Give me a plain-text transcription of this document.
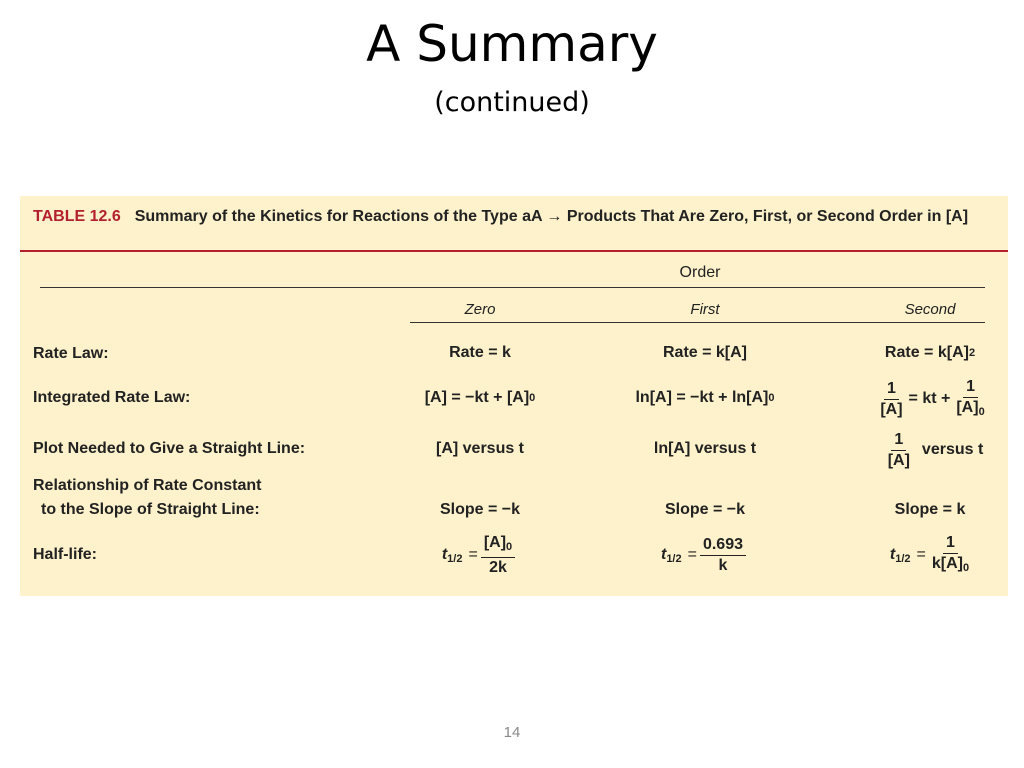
A Summary
(continued)
TABLE 12.6 Summary of the Kinetics for Reactions of the Type aA → Products That Are Zero, First, or Second Order in [A]
Order
Zero	First	Second
Rate Law:	Rate = k	Rate = k[A]	Rate = k[A] 2
Integrated Rate Law:	[A] = −kt + [A] 0	ln[A] = −kt + ln[A] 0	$\frac{1}{[A]}$ = kt + $\frac{1}{[A]_0}$
Plot Needed to Give a Straight Line:	[A] versus t	ln[A] versus t	$\frac{1}{[A]}$ versus t
Relationship of Rate Constant
to the Slope of Straight Line:	Slope = −k	Slope = −k	Slope = k
Half-life:	$t_{1/2} = \frac{[A]_0}{2k}$	$t_{1/2} = \frac{0.693}{k}$	$t_{1/2} = \frac{1}{k[A]_0}$
14
